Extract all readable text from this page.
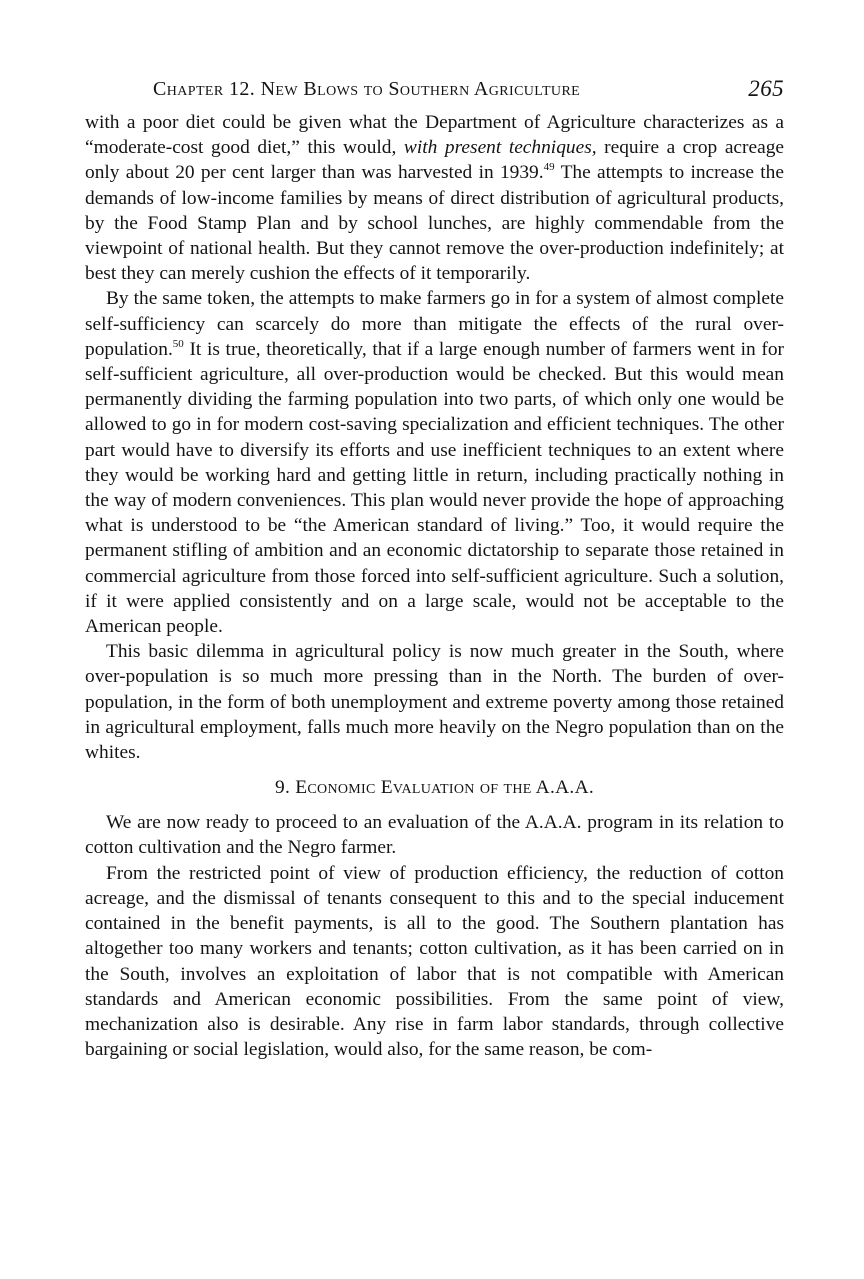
Chapter 12. New Blows to Southern Agriculture	265

with a poor diet could be given what the Department of Agriculture characterizes as a “moderate-cost good diet,” this would, with present techniques, require a crop acreage only about 20 per cent larger than was harvested in 1939.49 The attempts to increase the demands of low-income families by means of direct distribution of agricultural products, by the Food Stamp Plan and by school lunches, are highly commendable from the viewpoint of national health. But they cannot remove the over-production indefinitely; at best they can merely cushion the effects of it temporarily.

By the same token, the attempts to make farmers go in for a system of almost complete self-sufficiency can scarcely do more than mitigate the effects of the rural over-population.$^{50}$ It is true, theoretically, that if a large enough number of farmers went in for self-sufficient agriculture, all over-production would be checked. But this would mean permanently dividing the farming population into two parts, of which only one would be allowed to go in for modern cost-saving specialization and efficient techniques. The other part would have to diversify its efforts and use inefficient techniques to an extent where they would be working hard and getting little in return, including practically nothing in the way of modern conveniences. This plan would never provide the hope of approaching what is understood to be “the American standard of living.” Too, it would require the permanent stifling of ambition and an economic dictatorship to separate those retained in commercial agriculture from those forced into self-sufficient agriculture. Such a solution, if it were applied consistently and on a large scale, would not be acceptable to the American people.

This basic dilemma in agricultural policy is now much greater in the South, where over-population is so much more pressing than in the North. The burden of over-population, in the form of both unemployment and extreme poverty among those retained in agricultural employment, falls much more heavily on the Negro population than on the whites.

9. Economic Evaluation of the A.A.A.

We are now ready to proceed to an evaluation of the A.A.A. program in its relation to cotton cultivation and the Negro farmer.

From the restricted point of view of production efficiency, the reduction of cotton acreage, and the dismissal of tenants consequent to this and to the special inducement contained in the benefit payments, is all to the good. The Southern plantation has altogether too many workers and tenants; cotton cultivation, as it has been carried on in the South, involves an exploitation of labor that is not compatible with American standards and American economic possibilities. From the same point of view, mechanization also is desirable. Any rise in farm labor standards, through collective bargaining or social legislation, would also, for the same reason, be com-
